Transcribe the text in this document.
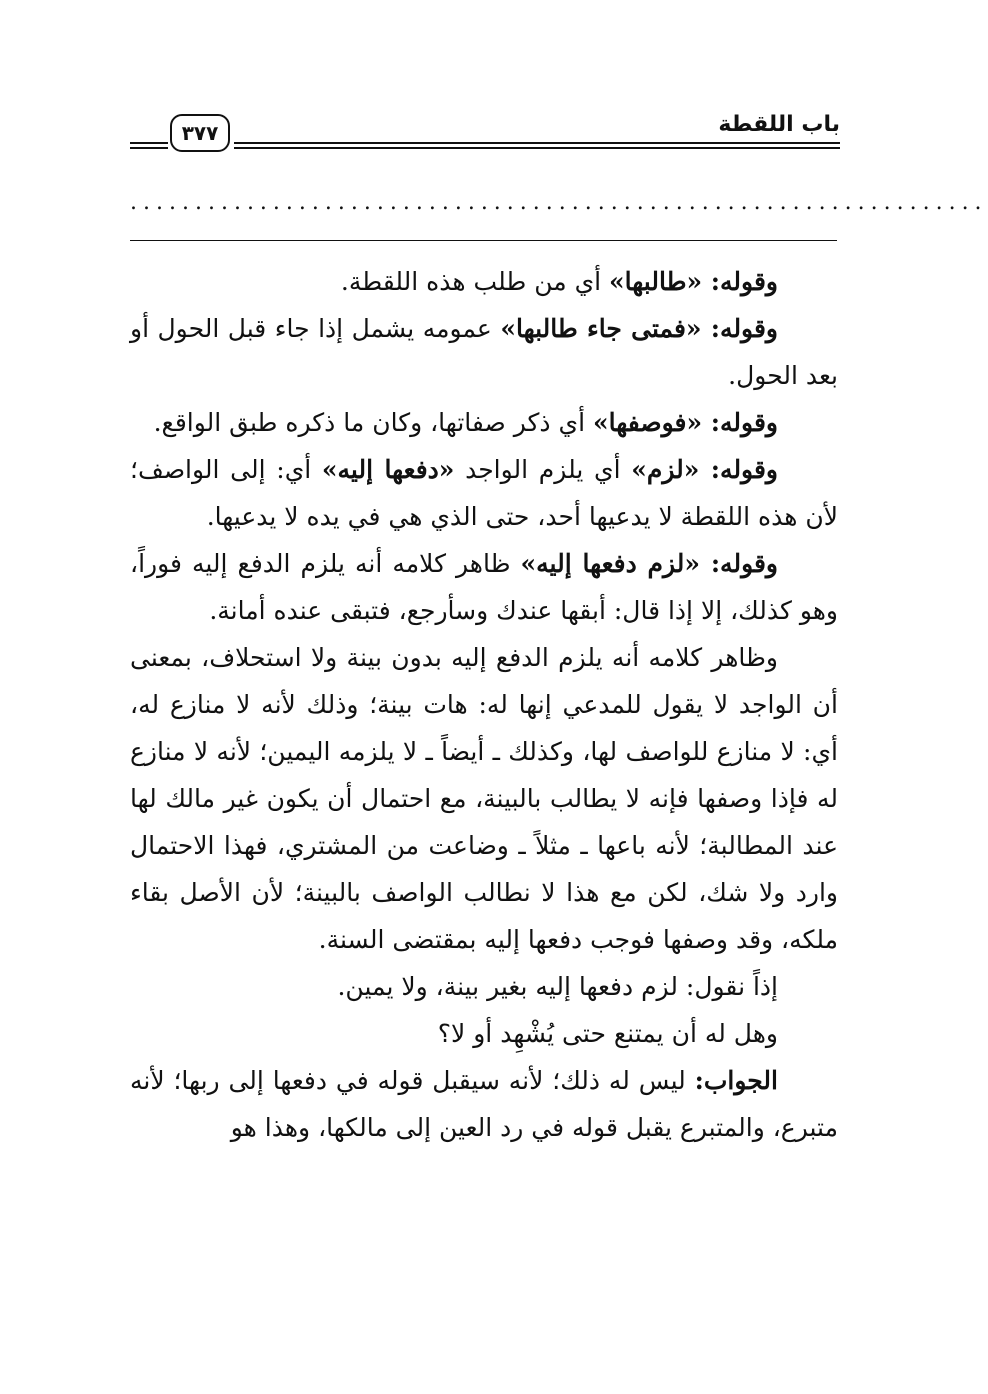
٣٧٧	باب اللقطة
..................................................................

وقوله: «طالبها» أي من طلب هذه اللقطة.

وقوله: «فمتى جاء طالبها» عمومه يشمل إذا جاء قبل الحول أو بعد الحول.

وقوله: «فوصفها» أي ذكر صفاتها، وكان ما ذكره طبق الواقع.

وقوله: «لزم» أي يلزم الواجد «دفعها إليه» أي: إلى الواصف؛ لأن هذه اللقطة لا يدعيها أحد، حتى الذي هي في يده لا يدعيها.

وقوله: «لزم دفعها إليه» ظاهر كلامه أنه يلزم الدفع إليه فوراً، وهو كذلك، إلا إذا قال: أبقها عندك وسأرجع، فتبقى عنده أمانة.

وظاهر كلامه أنه يلزم الدفع إليه بدون بينة ولا استحلاف، بمعنى أن الواجد لا يقول للمدعي إنها له: هات بينة؛ وذلك لأنه لا منازع له، أي: لا منازع للواصف لها، وكذلك ـ أيضاً ـ لا يلزمه اليمين؛ لأنه لا منازع له فإذا وصفها فإنه لا يطالب بالبينة، مع احتمال أن يكون غير مالك لها عند المطالبة؛ لأنه باعها ـ مثلاً ـ وضاعت من المشتري، فهذا الاحتمال وارد ولا شك، لكن مع هذا لا نطالب الواصف بالبينة؛ لأن الأصل بقاء ملكه، وقد وصفها فوجب دفعها إليه بمقتضى السنة.

إذاً نقول: لزم دفعها إليه بغير بينة، ولا يمين.

وهل له أن يمتنع حتى يُشْهِد أو لا؟

الجواب: ليس له ذلك؛ لأنه سيقبل قوله في دفعها إلى ربها؛ لأنه متبرع، والمتبرع يقبل قوله في رد العين إلى مالكها، وهذا هو
